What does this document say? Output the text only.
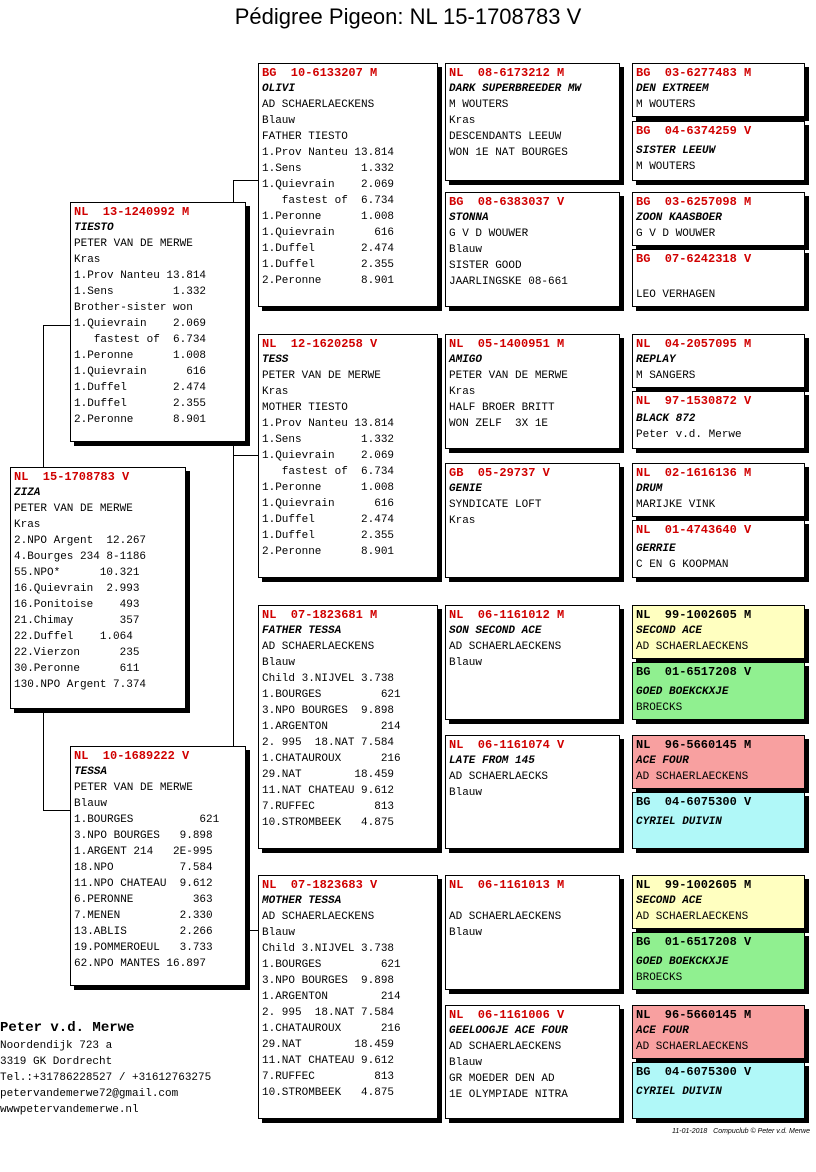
Pédigree Pigeon: NL 15-1708783 V
NL  15-1708783 V
ZIZA
PETER VAN DE MERWE
Kras
2.NPO Argent  12.267
4.Bourges 234 8-1186
55.NPO*      10.321
16.Quievrain  2.993
16.Ponitoise    493
21.Chimay       357
22.Duffel    1.064
22.Vierzon      235
30.Peronne      611
130.NPO Argent 7.374
NL  13-1240992 M
TIESTO
PETER VAN DE MERWE
Kras
1.Prov Nanteu 13.814
1.Sens         1.332
Brother-sister won
1.Quievrain    2.069
fastest of  6.734
1.Peronne      1.008
1.Quievrain      616
1.Duffel       2.474
1.Duffel       2.355
2.Peronne      8.901
NL  10-1689222 V
TESSA
PETER VAN DE MERWE
Blauw
1.BOURGES          621
3.NPO BOURGES   9.898
1.ARGENT 214   2E-995
18.NPO          7.584
11.NPO CHATEAU  9.612
6.PERONNE         363
7.MENEN         2.330
13.ABLIS        2.266
19.POMMEROEUL   3.733
62.NPO MANTES 16.897
BG  10-6133207 M
OLIVI
AD SCHAERLAECKENS
Blauw
FATHER TIESTO
1.Prov Nanteu 13.814
1.Sens         1.332
1.Quievrain    2.069
fastest of  6.734
1.Peronne      1.008
1.Quievrain      616
1.Duffel       2.474
1.Duffel       2.355
2.Peronne      8.901
NL  12-1620258 V
TESS
PETER VAN DE MERWE
Kras
MOTHER TIESTO
1.Prov Nanteu 13.814
1.Sens         1.332
1.Quievrain    2.069
fastest of  6.734
1.Peronne      1.008
1.Quievrain      616
1.Duffel       2.474
1.Duffel       2.355
2.Peronne      8.901
NL  07-1823681 M
FATHER TESSA
AD SCHAERLAECKENS
Blauw
Child 3.NIJVEL 3.738
1.BOURGES         621
3.NPO BOURGES  9.898
1.ARGENTON        214
2. 995  18.NAT 7.584
1.CHATAUROUX      216
29.NAT        18.459
11.NAT CHATEAU 9.612
7.RUFFEC         813
10.STROMBEEK   4.875
NL  07-1823683 V
MOTHER TESSA
AD SCHAERLAECKENS
Blauw
Child 3.NIJVEL 3.738
1.BOURGES         621
3.NPO BOURGES  9.898
1.ARGENTON        214
2. 995  18.NAT 7.584
1.CHATAUROUX      216
29.NAT        18.459
11.NAT CHATEAU 9.612
7.RUFFEC         813
10.STROMBEEK   4.875
NL  08-6173212 M
DARK SUPERBREEDER MW
M WOUTERS
Kras
DESCENDANTS LEEUW
WON 1E NAT BOURGES
BG  08-6383037 V
STONNA
G V D WOUWER
Blauw
SISTER GOOD
JAARLINGSKE 08-661
NL  05-1400951 M
AMIGO
PETER VAN DE MERWE
Kras
HALF BROER BRITT
WON ZELF  3X 1E
GB  05-29737 V
GENIE
SYNDICATE LOFT
Kras
NL  06-1161012 M
SON SECOND ACE
AD SCHAERLAECKENS
Blauw
NL  06-1161074 V
LATE FROM 145
AD SCHAERLAECKS
Blauw
NL  06-1161013 M
AD SCHAERLAECKENS
Blauw
NL  06-1161006 V
GEELOOGJE ACE FOUR
AD SCHAERLAECKENS
Blauw
GR MOEDER DEN AD
1E OLYMPIADE NITRA
BG  03-6277483 M
DEN EXTREEM
M WOUTERS
BG  04-6374259 V
SISTER LEEUW
M WOUTERS
BG  03-6257098 M
ZOON KAASBOER
G V D WOUWER
BG  07-6242318 V
LEO VERHAGEN
NL  04-2057095 M
REPLAY
M SANGERS
NL  97-1530872 V
BLACK 872
Peter v.d. Merwe
NL  02-1616136 M
DRUM
MARIJKE VINK
NL  01-4743640 V
GERRIE
C EN G KOOPMAN
NL  99-1002605 M
SECOND ACE
AD SCHAERLAECKENS
BG  01-6517208 V
GOED BOEKCKXJE
BROECKS
NL  96-5660145 M
ACE FOUR
AD SCHAERLAECKENS
BG  04-6075300 V
CYRIEL DUIVIN
NL  99-1002605 M
SECOND ACE
AD SCHAERLAECKENS
BG  01-6517208 V
GOED BOEKCKXJE
BROECKS
NL  96-5660145 M
ACE FOUR
AD SCHAERLAECKENS
BG  04-6075300 V
CYRIEL DUIVIN
Peter v.d. Merwe
Noordendijk 723 a
3319 GK Dordrecht
Tel.:+31786228527 / +31612763275
petervandemerwe72@gmail.com
wwwpetervandemerwe.nl
11-01-2018   Compuclub © Peter v.d. Merwe
